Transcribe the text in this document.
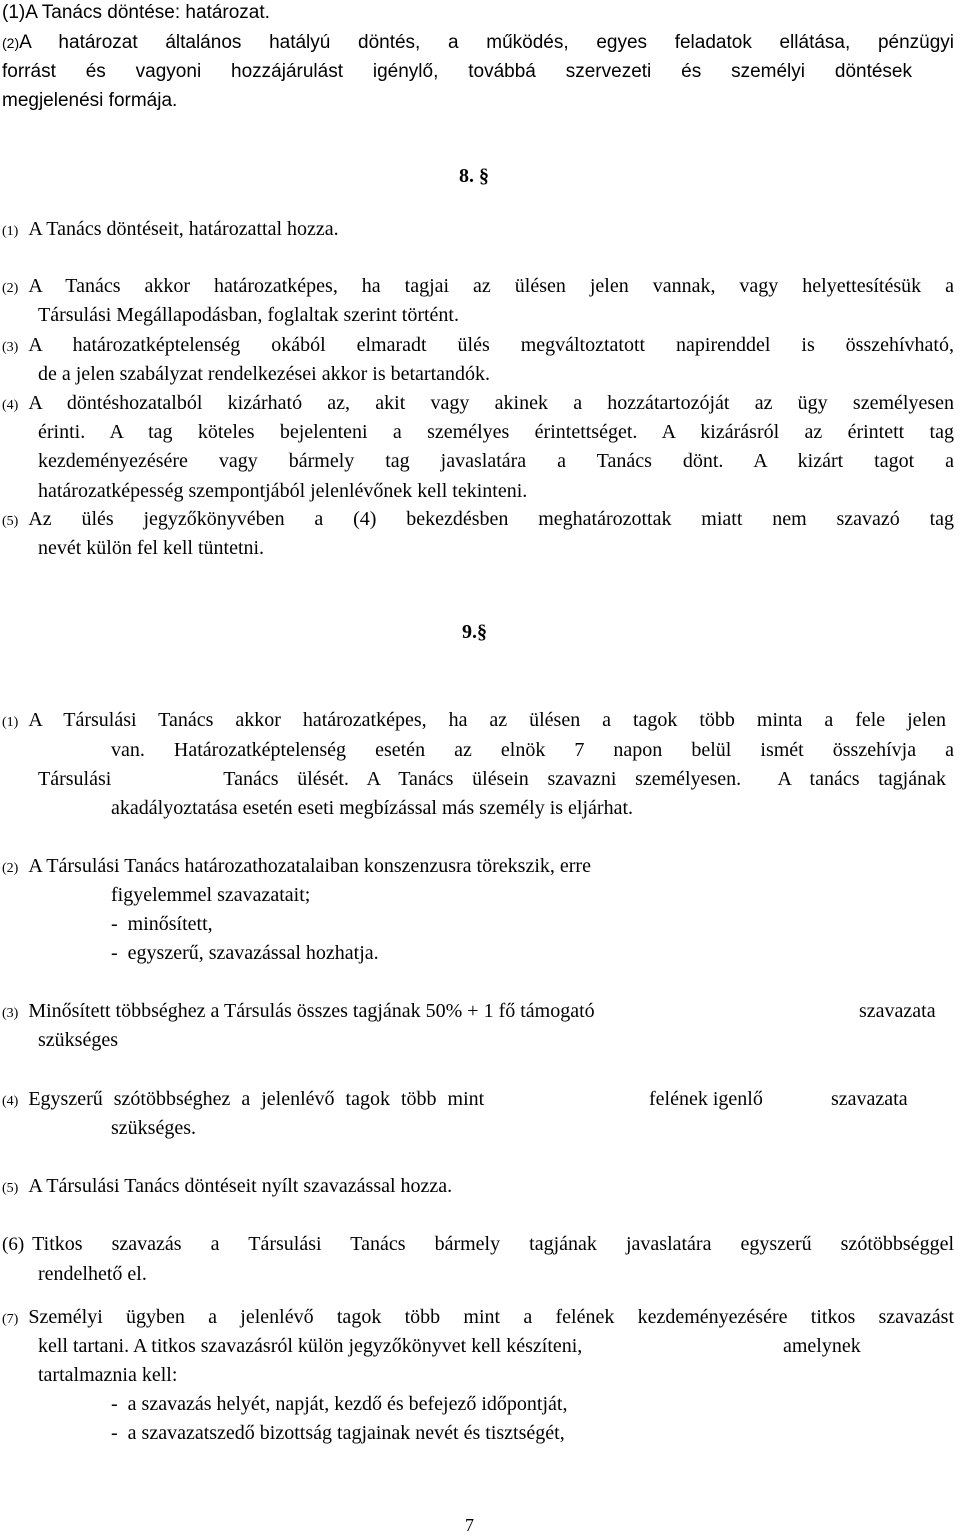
(1)A Tanács döntése: határozat.
(2)A határozat általános hatályú döntés, a működés, egyes feladatok ellátása, pénzügyi
forrást és vagyoni hozzájárulást igénylő, továbbá szervezeti és személyi döntések
megjelenési formája.
8. §
(1) A Tanács döntéseit, határozattal hozza.
(2) A Tanács akkor határozatképes, ha tagjai az ülésen jelen vannak, vagy helyettesítésük a
Társulási Megállapodásban, foglaltak szerint történt.
(3) A határozatképtelenség okából elmaradt ülés megváltoztatott napirenddel is összehívható,
de a jelen szabályzat rendelkezései akkor is betartandók.
(4) A döntéshozatalból kizárható az, akit vagy akinek a hozzátartozóját az ügy személyesen
érinti. A tag köteles bejelenteni a személyes érintettséget. A kizárásról az érintett tag
kezdeményezésére vagy bármely tag javaslatára a Tanács dönt. A kizárt tagot a
határozatképesség szempontjából jelenlévőnek kell tekinteni.
(5) Az ülés jegyzőkönyvében a (4) bekezdésben meghatározottak miatt nem szavazó tag
nevét külön fel kell tüntetni.
9.§
(1) A Társulási Tanács akkor határozatképes, ha az ülésen a tagok több minta a fele jelen
van. Határozatképtelenség esetén az elnök 7 napon belül ismét összehívja a
Társulási      Tanács ülését. A Tanács ülésein szavazni személyesen.  A tanács tagjának
akadályoztatása esetén eseti megbízással más személy is eljárhat.
(2) A Társulási Tanács határozathozatalaiban konszenzusra törekszik, erre
figyelemmel szavazatait;
-  minősített,
-  egyszerű, szavazással hozhatja.
(3) Minősített többséghez a Társulás összes tagjának 50% + 1 fő támogató	szavazata
szükséges
(4) Egyszerű szótöbbséghez a jelenlévő tagok több mint	felének igenlő	szavazata
szükséges.
(5) A Társulási Tanács döntéseit nyílt szavazással hozza.
(6) Titkos szavazás a Társulási Tanács bármely tagjának javaslatára egyszerű szótöbbséggel
rendelhető el.
(7) Személyi ügyben a jelenlévő tagok több mint a felének kezdeményezésére titkos szavazást
kell tartani. A titkos szavazásról külön jegyzőkönyvet kell készíteni,	amelynek
tartalmaznia kell:
-  a szavazás helyét, napját, kezdő és befejező időpontját,
-  a szavazatszedő bizottság tagjainak nevét és tisztségét,
7
